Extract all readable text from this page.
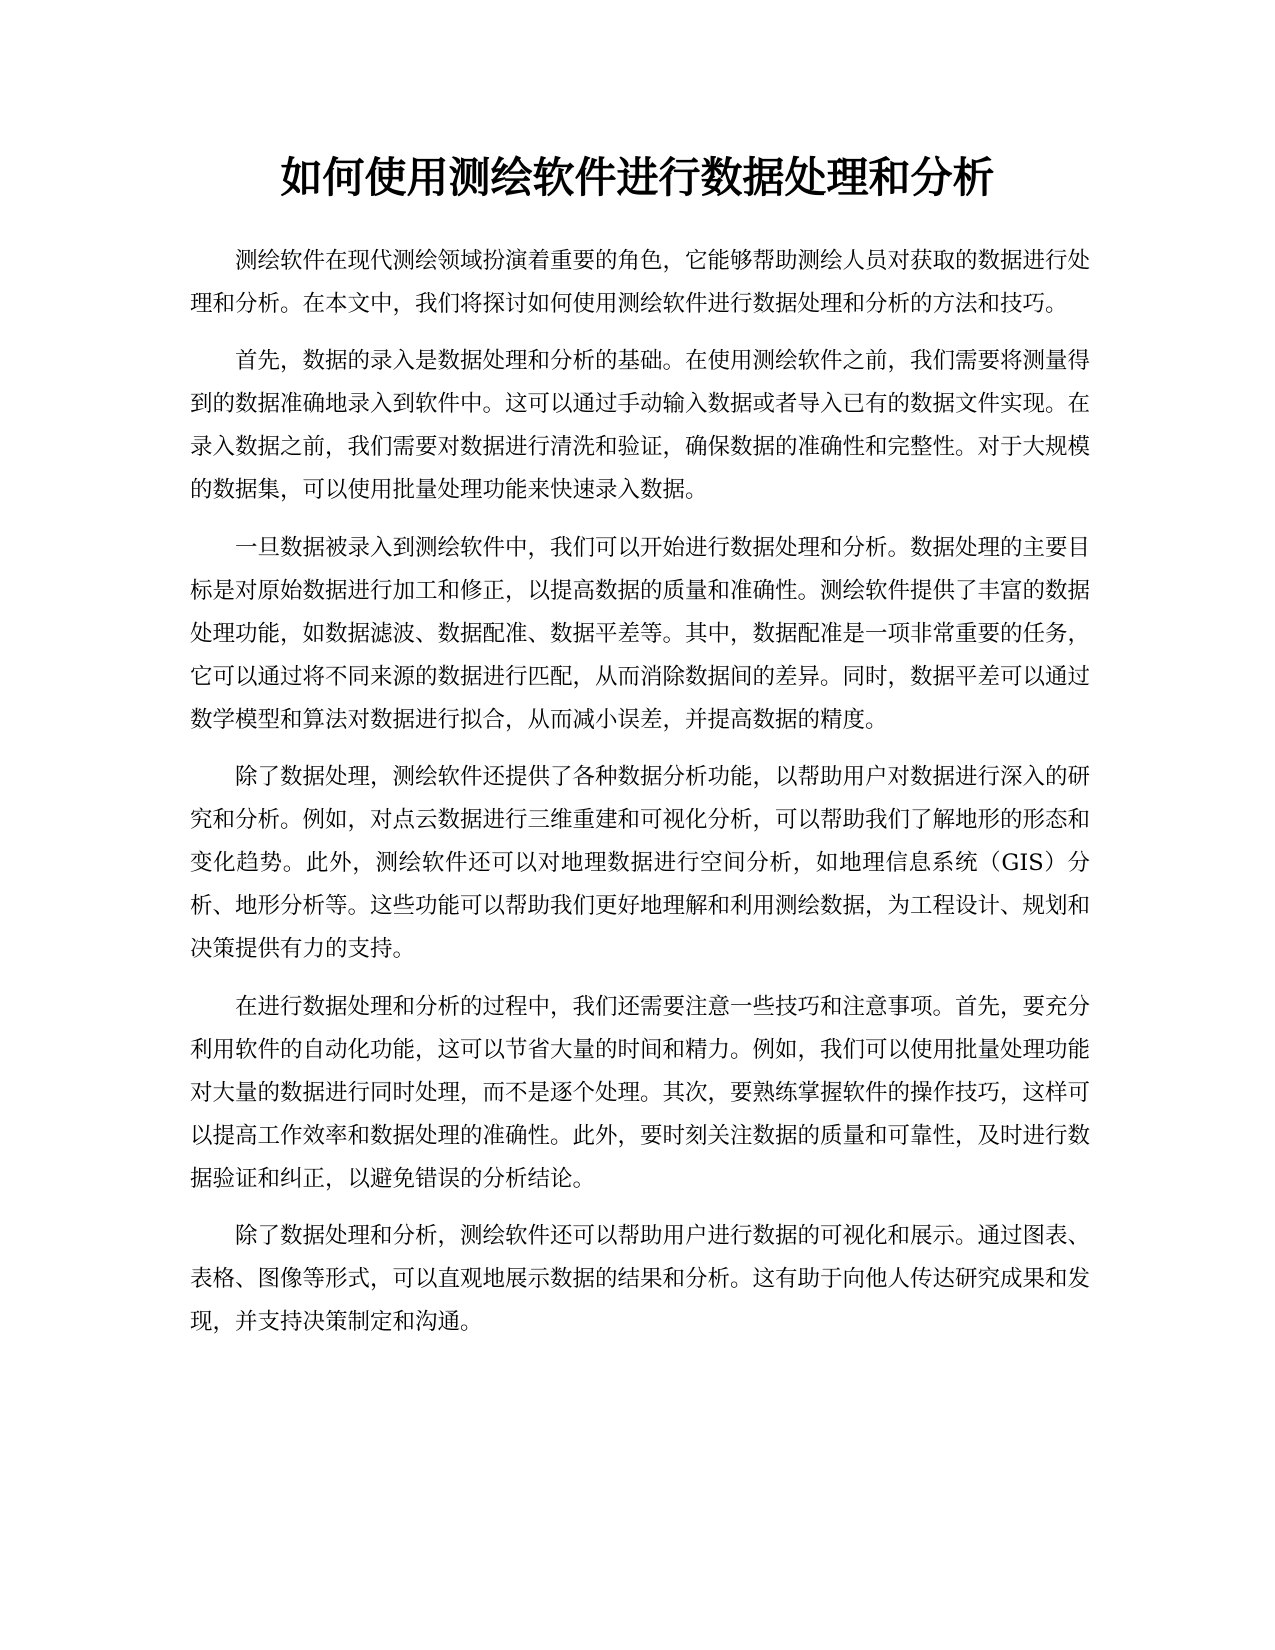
如何使用测绘软件进行数据处理和分析

测绘软件在现代测绘领域扮演着重要的角色，它能够帮助测绘人员对获取的数据进行处理和分析。在本文中，我们将探讨如何使用测绘软件进行数据处理和分析的方法和技巧。

首先，数据的录入是数据处理和分析的基础。在使用测绘软件之前，我们需要将测量得到的数据准确地录入到软件中。这可以通过手动输入数据或者导入已有的数据文件实现。在录入数据之前，我们需要对数据进行清洗和验证，确保数据的准确性和完整性。对于大规模的数据集，可以使用批量处理功能来快速录入数据。

一旦数据被录入到测绘软件中，我们可以开始进行数据处理和分析。数据处理的主要目标是对原始数据进行加工和修正，以提高数据的质量和准确性。测绘软件提供了丰富的数据处理功能，如数据滤波、数据配准、数据平差等。其中，数据配准是一项非常重要的任务，它可以通过将不同来源的数据进行匹配，从而消除数据间的差异。同时，数据平差可以通过数学模型和算法对数据进行拟合，从而减小误差，并提高数据的精度。

除了数据处理，测绘软件还提供了各种数据分析功能，以帮助用户对数据进行深入的研究和分析。例如，对点云数据进行三维重建和可视化分析，可以帮助我们了解地形的形态和变化趋势。此外，测绘软件还可以对地理数据进行空间分析，如地理信息系统（GIS）分析、地形分析等。这些功能可以帮助我们更好地理解和利用测绘数据，为工程设计、规划和决策提供有力的支持。

在进行数据处理和分析的过程中，我们还需要注意一些技巧和注意事项。首先，要充分利用软件的自动化功能，这可以节省大量的时间和精力。例如，我们可以使用批量处理功能对大量的数据进行同时处理，而不是逐个处理。其次，要熟练掌握软件的操作技巧，这样可以提高工作效率和数据处理的准确性。此外，要时刻关注数据的质量和可靠性，及时进行数据验证和纠正，以避免错误的分析结论。

除了数据处理和分析，测绘软件还可以帮助用户进行数据的可视化和展示。通过图表、表格、图像等形式，可以直观地展示数据的结果和分析。这有助于向他人传达研究成果和发现，并支持决策制定和沟通。
